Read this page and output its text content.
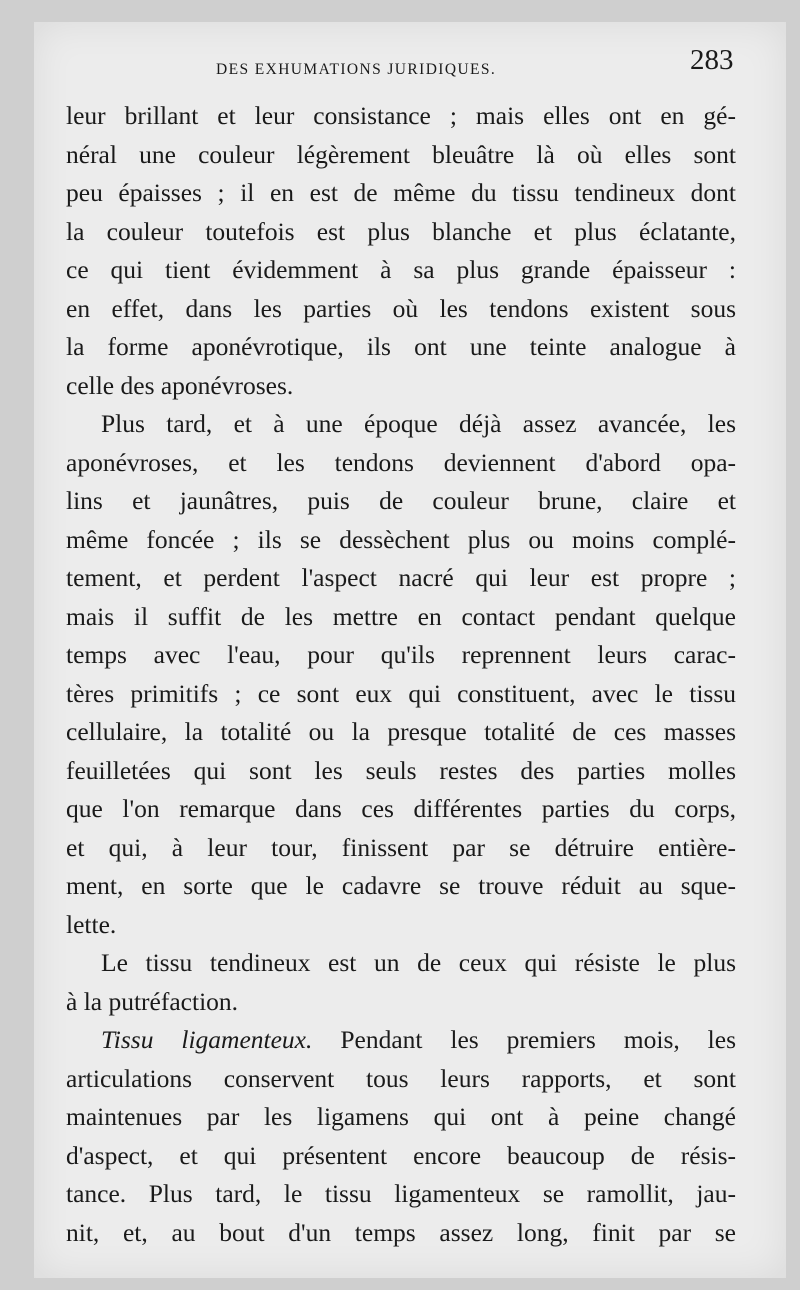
DES EXHUMATIONS JURIDIQUES.	283
leur brillant et leur consistance ; mais elles ont en gé-
néral une couleur légèrement bleuâtre là où elles sont
peu épaisses ; il en est de même du tissu tendineux dont
la couleur toutefois est plus blanche et plus éclatante,
ce qui tient évidemment à sa plus grande épaisseur :
en effet, dans les parties où les tendons existent sous
la forme aponévrotique, ils ont une teinte analogue à
celle des aponévroses.
Plus tard, et à une époque déjà assez avancée, les
aponévroses, et les tendons deviennent d'abord opa-
lins et jaunâtres, puis de couleur brune, claire et
même foncée ; ils se dessèchent plus ou moins complé-
tement, et perdent l'aspect nacré qui leur est propre ;
mais il suffit de les mettre en contact pendant quelque
temps avec l'eau, pour qu'ils reprennent leurs carac-
tères primitifs ; ce sont eux qui constituent, avec le tissu
cellulaire, la totalité ou la presque totalité de ces masses
feuilletées qui sont les seuls restes des parties molles
que l'on remarque dans ces différentes parties du corps,
et qui, à leur tour, finissent par se détruire entière-
ment, en sorte que le cadavre se trouve réduit au sque-
lette.
Le tissu tendineux est un de ceux qui résiste le plus
à la putréfaction.
Tissu ligamenteux. Pendant les premiers mois, les
articulations conservent tous leurs rapports, et sont
maintenues par les ligamens qui ont à peine changé
d'aspect, et qui présentent encore beaucoup de résis-
tance. Plus tard, le tissu ligamenteux se ramollit, jau-
nit, et, au bout d'un temps assez long, finit par se
